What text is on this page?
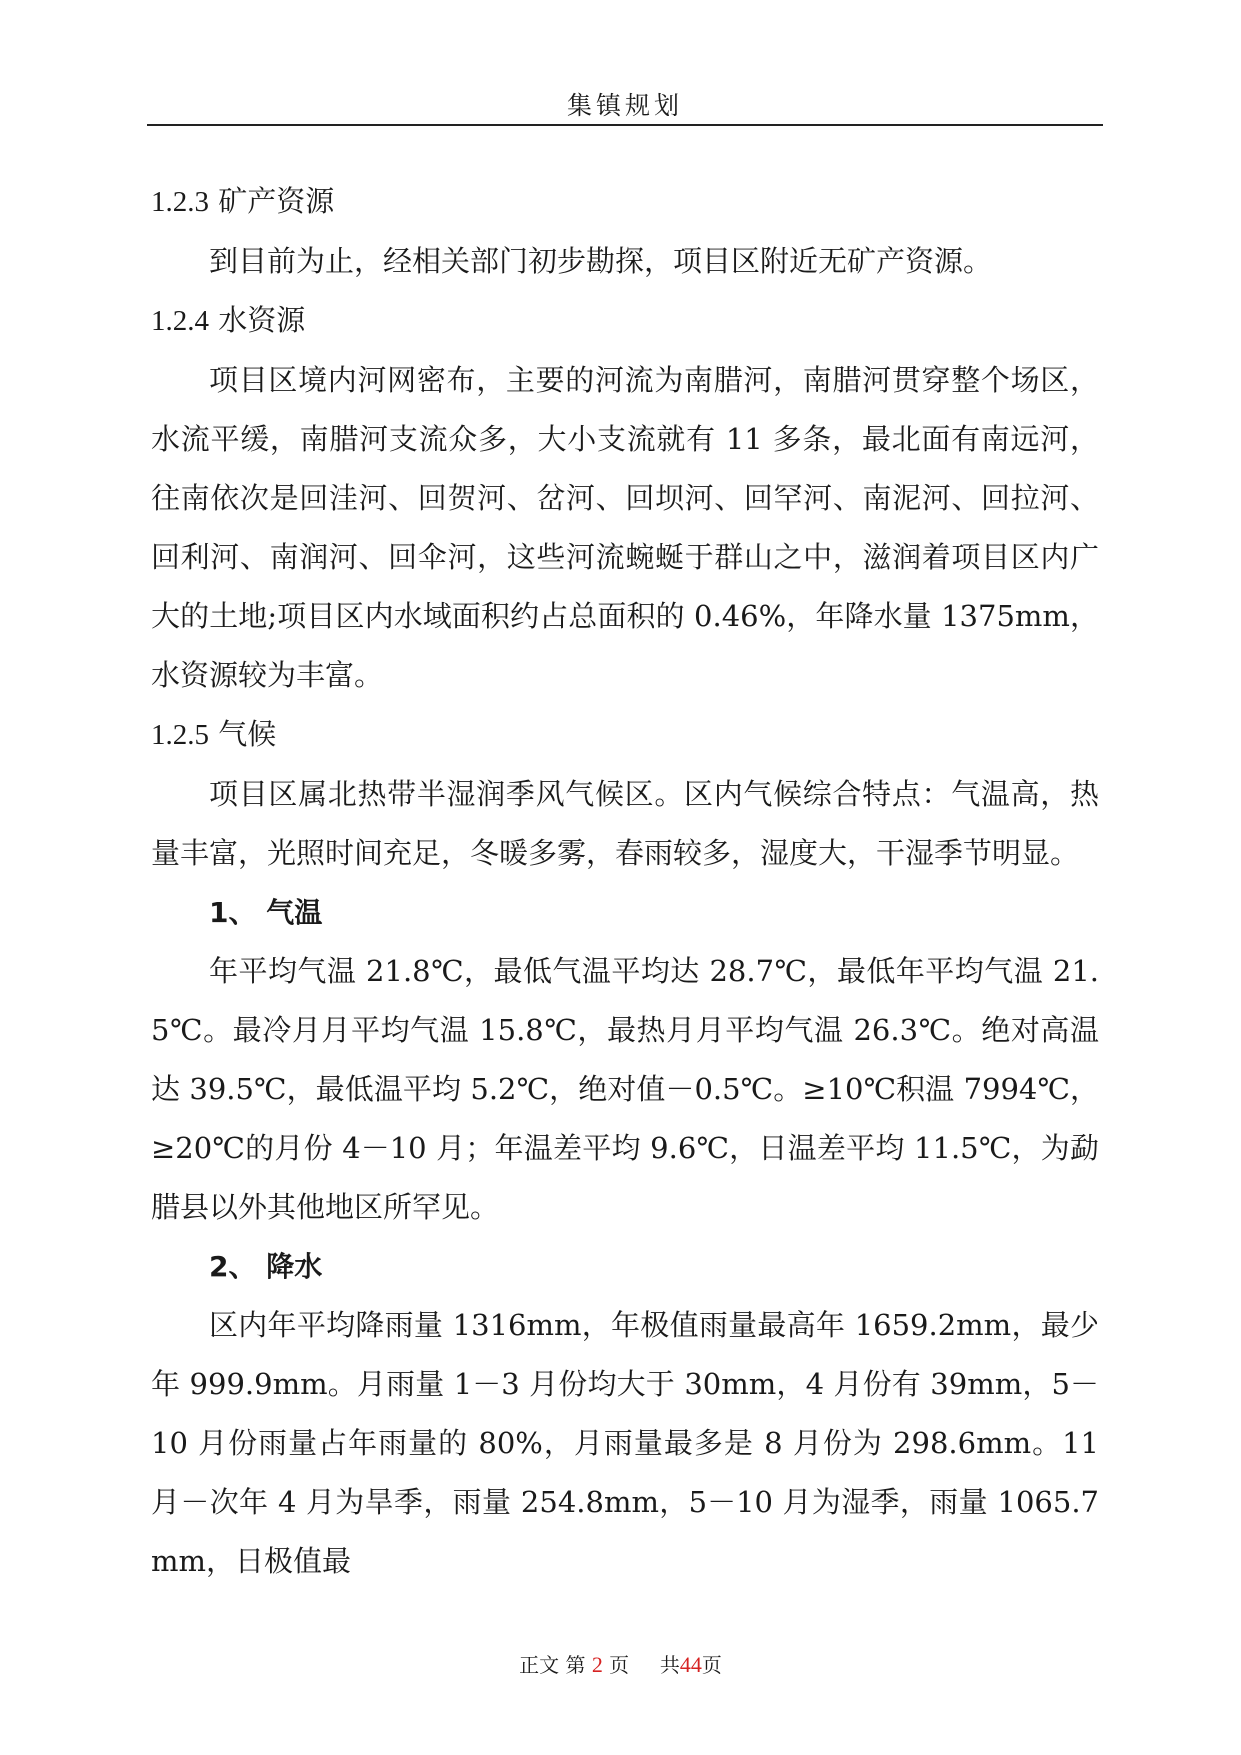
集镇规划
1.2.3 矿产资源

到目前为止，经相关部门初步勘探，项目区附近无矿产资源。

1.2.4 水资源

项目区境内河网密布，主要的河流为南腊河，南腊河贯穿整个场区，水流平缓，南腊河支流众多，大小支流就有 11 多条，最北面有南远河，往南依次是回洼河、回贺河、岔河、回坝河、回罕河、南泥河、回拉河、回利河、南润河、回伞河，这些河流蜿蜒于群山之中，滋润着项目区内广大的土地;项目区内水域面积约占总面积的 0.46%，年降水量 1375mm，水资源较为丰富。

1.2.5 气候

项目区属北热带半湿润季风气候区。区内气候综合特点：气温高，热量丰富，光照时间充足，冬暖多雾，春雨较多，湿度大，干湿季节明显。

1、 气温

年平均气温 21.8℃，最低气温平均达 28.7℃，最低年平均气温 21.5℃。最冷月月平均气温 15.8℃，最热月月平均气温 26.3℃。绝对高温达 39.5℃，最低温平均 5.2℃，绝对值－0.5℃。≥10℃积温 7994℃，≥20℃的月份 4－10 月；年温差平均 9.6℃，日温差平均 11.5℃，为勐腊县以外其他地区所罕见。

2、 降水

区内年平均降雨量 1316mm，年极值雨量最高年 1659.2mm，最少年 999.9mm。月雨量 1－3 月份均大于 30mm，4 月份有 39mm，5－10 月份雨量占年雨量的 80%，月雨量最多是 8 月份为 298.6mm。11 月－次年 4 月为旱季，雨量 254.8mm，5－10 月为湿季，雨量 1065.7mm，日极值最

正文 第 2 页 共44页
